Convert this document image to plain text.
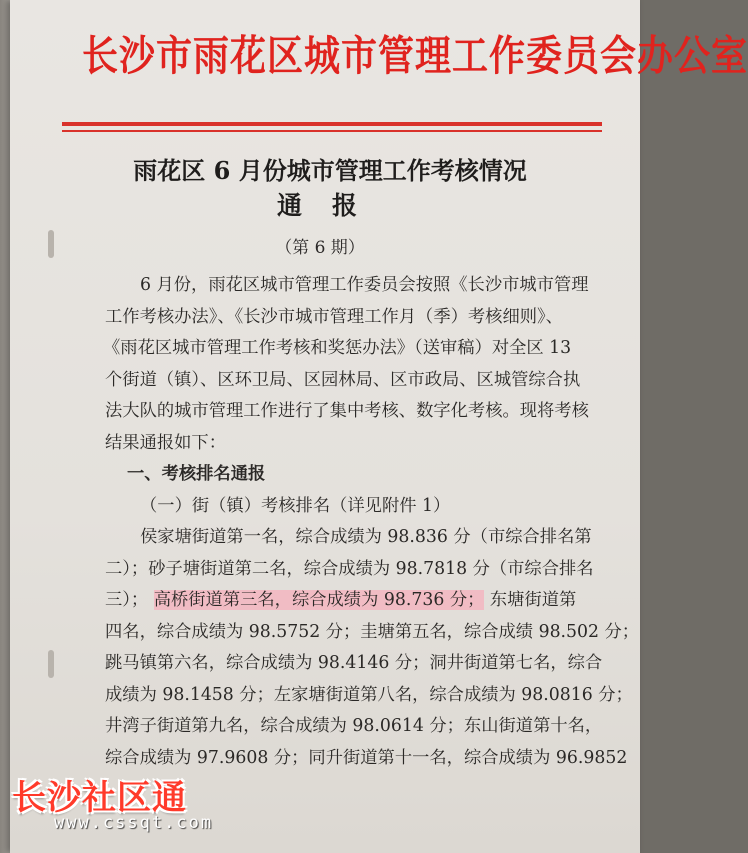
长沙市雨花区城市管理工作委员会办公室
雨花区 6 月份城市管理工作考核情况
通报
（第 6 期）
6 月份，雨花区城市管理工作委员会按照《长沙市城市管理
工作考核办法》、《长沙市城市管理工作月（季）考核细则》、
《雨花区城市管理工作考核和奖惩办法》（送审稿）对全区 13
个街道（镇）、区环卫局、区园林局、区市政局、区城管综合执
法大队的城市管理工作进行了集中考核、数字化考核。现将考核
结果通报如下：
一、考核排名通报
（一）街（镇）考核排名（详见附件 1）
侯家塘街道第一名，综合成绩为 98.836 分（市综合排名第
二）；砂子塘街道第二名，综合成绩为 98.7818 分（市综合排名
三）； 高桥街道第三名，综合成绩为 98.736 分； 东塘街道第
四名，综合成绩为 98.5752 分；圭塘第五名，综合成绩 98.502 分；
跳马镇第六名，综合成绩为 98.4146 分；洞井街道第七名，综合
成绩为 98.1458 分；左家塘街道第八名，综合成绩为 98.0816 分；
井湾子街道第九名，综合成绩为 98.0614 分；东山街道第十名，
综合成绩为 97.9608 分；同升街道第十一名，综合成绩为 96.9852
长沙社区通
www.cssqt.com
